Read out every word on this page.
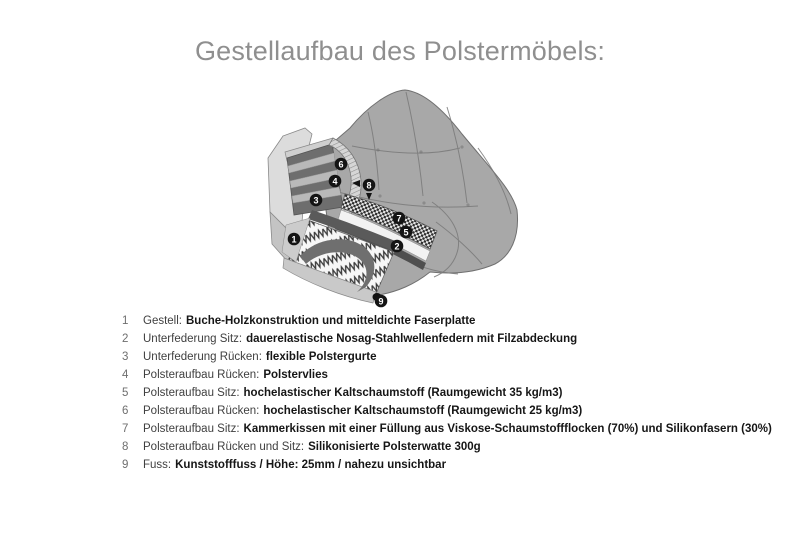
Gestellaufbau des Polstermöbels:
1
2
3
4
5
6
7
8
9
1	Gestell: Buche-Holzkonstruktion und mitteldichte Faserplatte
2	Unterfederung Sitz: dauerelastische Nosag-Stahlwellenfedern mit Filzabdeckung
3	Unterfederung Rücken: flexible Polstergurte
4	Polsteraufbau Rücken: Polstervlies
5	Polsteraufbau Sitz: hochelastischer Kaltschaumstoff (Raumgewicht 35 kg/m3)
6	Polsteraufbau Rücken: hochelastischer Kaltschaumstoff (Raumgewicht 25 kg/m3)
7	Polsteraufbau Sitz: Kammerkissen mit einer Füllung aus Viskose-Schaumstoffflocken (70%) und Silikonfasern (30%)
8	Polsteraufbau Rücken und Sitz: Silikonisierte Polsterwatte 300g
9	Fuss: Kunststofffuss / Höhe: 25mm / nahezu unsichtbar
